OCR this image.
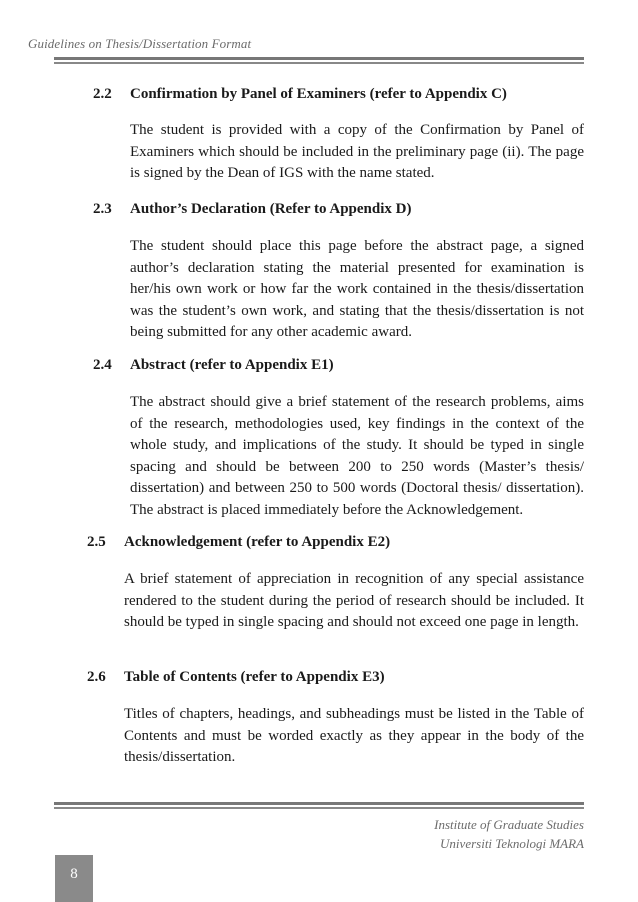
Guidelines on Thesis/Dissertation Format
2.2 Confirmation by Panel of Examiners (refer to Appendix C)
The student is provided with a copy of the Confirmation by Panel of Examiners which should be included in the preliminary page (ii). The page is signed by the Dean of IGS with the name stated.
2.3 Author’s Declaration (Refer to Appendix D)
The student should place this page before the abstract page, a signed author’s declaration stating the material presented for examination is her/his own work or how far the work contained in the thesis/dissertation was the student’s own work, and stating that the thesis/dissertation is not being submitted for any other academic award.
2.4 Abstract (refer to Appendix E1)
The abstract should give a brief statement of the research problems, aims of the research, methodologies used, key findings in the context of the whole study, and implications of the study. It should be typed in single spacing and should be between 200 to 250 words (Master’s thesis/ dissertation) and between 250 to 500 words (Doctoral thesis/ dissertation). The abstract is placed immediately before the Acknowledgement.
2.5 Acknowledgement (refer to Appendix E2)
A brief statement of appreciation in recognition of any special assistance rendered to the student during the period of research should be included. It should be typed in single spacing and should not exceed one page in length.
2.6 Table of Contents (refer to Appendix E3)
Titles of chapters, headings, and subheadings must be listed in the Table of Contents and must be worded exactly as they appear in the body of the thesis/dissertation.
Institute of Graduate Studies
Universiti Teknologi MARA
8
